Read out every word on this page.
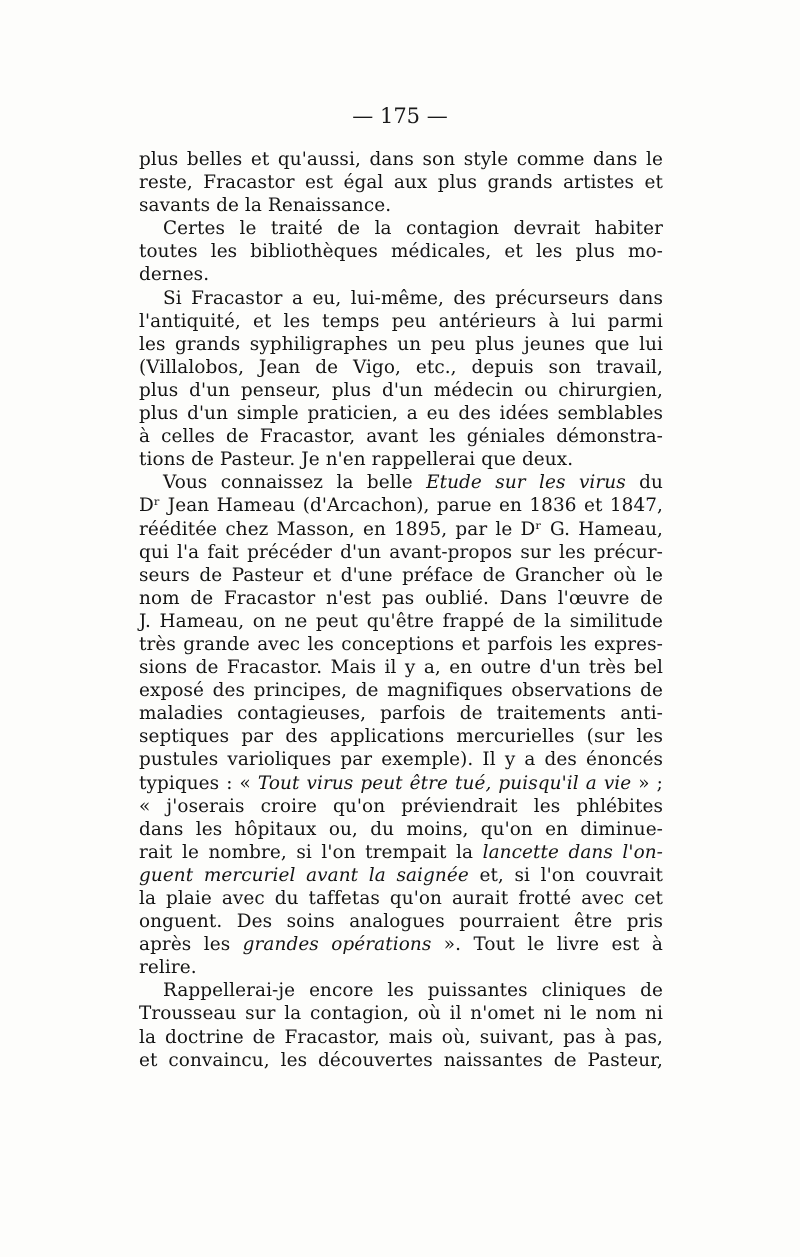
— 175 —
plus belles et qu'aussi, dans son style comme dans le
reste, Fracastor est égal aux plus grands artistes et
savants de la Renaissance.
Certes le traité de la contagion devrait habiter
toutes les bibliothèques médicales, et les plus mo-
dernes.
Si Fracastor a eu, lui-même, des précurseurs dans
l'antiquité, et les temps peu antérieurs à lui parmi
les grands syphiligraphes un peu plus jeunes que lui
(Villalobos, Jean de Vigo, etc., depuis son travail,
plus d'un penseur, plus d'un médecin ou chirurgien,
plus d'un simple praticien, a eu des idées semblables
à celles de Fracastor, avant les géniales démonstra-
tions de Pasteur. Je n'en rappellerai que deux.
Vous connaissez la belle Etude sur les virus du
Dʳ Jean Hameau (d'Arcachon), parue en 1836 et 1847,
rééditée chez Masson, en 1895, par le Dʳ G. Hameau,
qui l'a fait précéder d'un avant-propos sur les précur-
seurs de Pasteur et d'une préface de Grancher où le
nom de Fracastor n'est pas oublié. Dans l'œuvre de
J. Hameau, on ne peut qu'être frappé de la similitude
très grande avec les conceptions et parfois les expres-
sions de Fracastor. Mais il y a, en outre d'un très bel
exposé des principes, de magnifiques observations de
maladies contagieuses, parfois de traitements anti-
septiques par des applications mercurielles (sur les
pustules varioliques par exemple). Il y a des énoncés
typiques : « Tout virus peut être tué, puisqu'il a vie » ;
« j'oserais croire qu'on préviendrait les phlébites
dans les hôpitaux ou, du moins, qu'on en diminue-
rait le nombre, si l'on trempait la lancette dans l'on-
guent mercuriel avant la saignée et, si l'on couvrait
la plaie avec du taffetas qu'on aurait frotté avec cet
onguent. Des soins analogues pourraient être pris
après les grandes opérations ». Tout le livre est à
relire.
Rappellerai-je encore les puissantes cliniques de
Trousseau sur la contagion, où il n'omet ni le nom ni
la doctrine de Fracastor, mais où, suivant, pas à pas,
et convaincu, les découvertes naissantes de Pasteur,
